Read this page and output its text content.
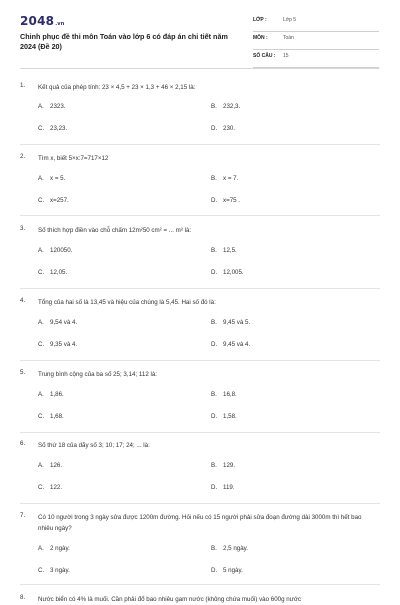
2048.vn
Chinh phục đề thi môn Toán vào lớp 6 có đáp án chi tiết năm 2024 (Đề 20)
LỚP :	Lớp 5
MÔN :	Toán
SỐ CÂU : 15
1. Kết quả của phép tính: 23 × 4,5 + 23 × 1,3 + 46 × 2,15 là:
A. 2323.	B. 232,3.
C. 23,23.	D. 230.
2. Tìm x, biết 5×x:7=717×12
A. x = 5.	B. x = 7.
C. x=257.	D. x=75 .
3. Số thích hợp điền vào chỗ chấm 12m²50 cm² = ... m² là:
A. 120050.	B. 12,5.
C. 12,05.	D. 12,005.
4. Tổng của hai số là 13,45 và hiệu của chúng là 5,45. Hai số đó là:
A. 9,54 và 4.	B. 9,45 và 5.
C. 9,35 và 4.	D. 9,45 và 4.
5. Trung bình cộng của ba số 25; 3,14; 112 là:
A. 1,86.	B. 16,8.
C. 1,68.	D. 1,58.
6. Số thứ 18 của dãy số 3; 10; 17; 24; ... là:
A. 126.	B. 129.
C. 122.	D. 119.
7. Có 10 người trong 3 ngày sửa được 1200m đường. Hỏi nếu có 15 người phải sửa đoạn đường dài 3000m thì hết bao nhiêu ngày?
A. 2 ngày.	B. 2,5 ngày.
C. 3 ngày.	D. 5 ngày.
8. Nước biển có 4% là muối. Cần phải đổ bao nhiêu gam nước (không chứa muối) vào 600g nước
